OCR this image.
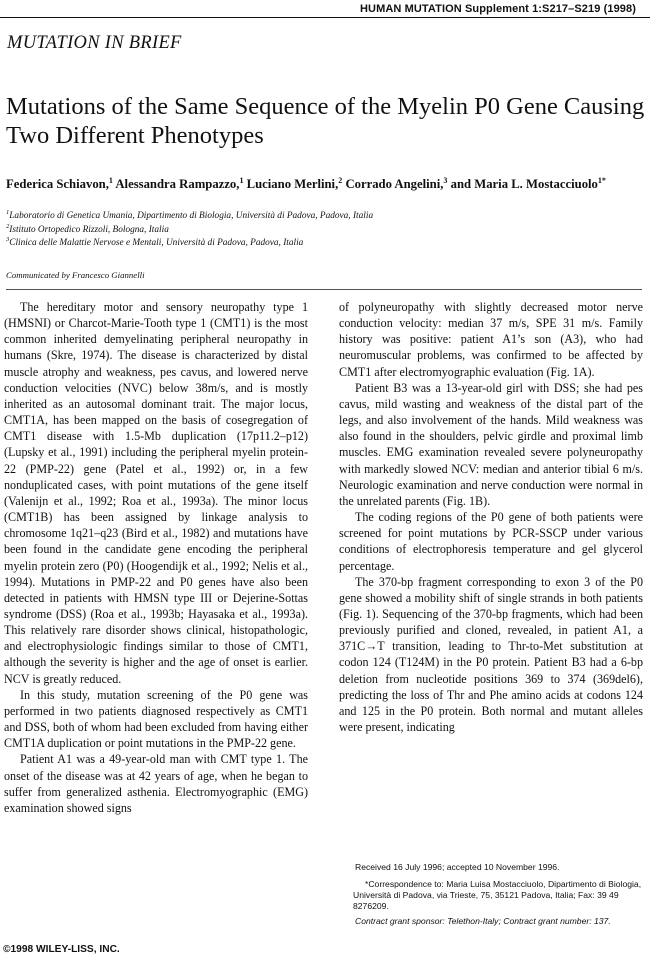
HUMAN MUTATION Supplement 1:S217–S219 (1998)
MUTATION IN BRIEF
Mutations of the Same Sequence of the Myelin P0 Gene Causing Two Different Phenotypes
Federica Schiavon,$^1$ Alessandra Rampazzo,$^1$ Luciano Merlini,$^2$ Corrado Angelini,$^3$ and Maria L. Mostacciuolo$^{1*}$
$^1$Laboratorio di Genetica Umania, Dipartimento di Biologia, Università di Padova, Padova, Italia
$^2$Istituto Ortopedico Rizzoli, Bologna, Italia
$^3$Clinica delle Malattie Nervose e Mentali, Università di Padova, Padova, Italia
Communicated by Francesco Giannelli

The hereditary motor and sensory neuropathy type 1 (HMSNI) or Charcot-Marie-Tooth type 1 (CMT1) is the most common inherited demyelinating peripheral neuropathy in humans (Skre, 1974). The disease is characterized by distal muscle atrophy and weakness, pes cavus, and lowered nerve conduction velocities (NVC) below 38m/s, and is mostly inherited as an autosomal dominant trait. The major locus, CMT1A, has been mapped on the basis of cosegregation of CMT1 disease with 1.5-Mb duplication (17p11.2–p12) (Lupsky et al., 1991) including the peripheral myelin protein-22 (PMP-22) gene (Patel et al., 1992) or, in a few nonduplicated cases, with point mutations of the gene itself (Valenijn et al., 1992; Roa et al., 1993a). The minor locus (CMT1B) has been assigned by linkage analysis to chromosome 1q21–q23 (Bird et al., 1982) and mutations have been found in the candidate gene encoding the peripheral myelin protein zero (P0) (Hoogendijk et al., 1992; Nelis et al., 1994). Mutations in PMP-22 and P0 genes have also been detected in patients with HMSN type III or Dejerine-Sottas syndrome (DSS) (Roa et al., 1993b; Hayasaka et al., 1993a). This relatively rare disorder shows clinical, histopathologic, and electrophysiologic findings similar to those of CMT1, although the severity is higher and the age of onset is earlier. NCV is greatly reduced.

In this study, mutation screening of the P0 gene was performed in two patients diagnosed respectively as CMT1 and DSS, both of whom had been excluded from having either CMT1A duplication or point mutations in the PMP-22 gene.

Patient A1 was a 49-year-old man with CMT type 1. The onset of the disease was at 42 years of age, when he began to suffer from generalized asthenia. Electromyographic (EMG) examination showed signs

of polyneuropathy with slightly decreased motor nerve conduction velocity: median 37 m/s, SPE 31 m/s. Family history was positive: patient A1’s son (A3), who had neuromuscular problems, was confirmed to be affected by CMT1 after electromyographic evaluation (Fig. 1A).

Patient B3 was a 13-year-old girl with DSS; she had pes cavus, mild wasting and weakness of the distal part of the legs, and also involvement of the hands. Mild weakness was also found in the shoulders, pelvic girdle and proximal limb muscles. EMG examination revealed severe polyneuropathy with markedly slowed NCV: median and anterior tibial 6 m/s. Neurologic examination and nerve conduction were normal in the unrelated parents (Fig. 1B).

The coding regions of the P0 gene of both patients were screened for point mutations by PCR-SSCP under various conditions of electrophoresis temperature and gel glycerol percentage.

The 370-bp fragment corresponding to exon 3 of the P0 gene showed a mobility shift of single strands in both patients (Fig. 1). Sequencing of the 370-bp fragments, which had been previously purified and cloned, revealed, in patient A1, a 371C→T transition, leading to Thr-to-Met substitution at codon 124 (T124M) in the P0 protein. Patient B3 had a 6-bp deletion from nucleotide positions 369 to 374 (369del6), predicting the loss of Thr and Phe amino acids at codons 124 and 125 in the P0 protein. Both normal and mutant alleles were present, indicating

Received 16 July 1996; accepted 10 November 1996.

*Correspondence to: Maria Luisa Mostacciuolo, Dipartimento di Biologia, Università di Padova, via Trieste, 75, 35121 Padova, Italia; Fax: 39 49 8276209.

Contract grant sponsor: Telethon-Italy; Contract grant number: 137.

©1998 WILEY-LISS, INC.
